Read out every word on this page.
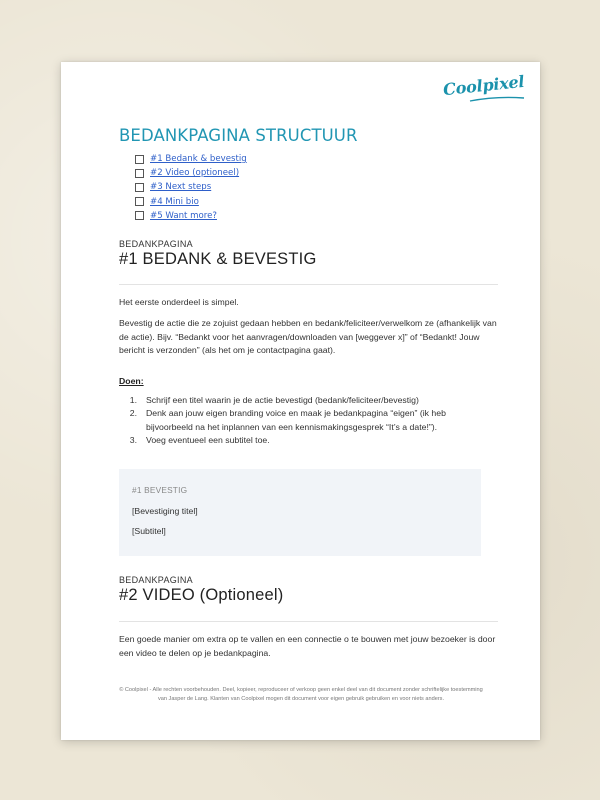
Coolpixel
BEDANKPAGINA STRUCTUUR
#1 Bedank & bevestig
#2 Video (optioneel)
#3 Next steps
#4 Mini bio
#5 Want more?
BEDANKPAGINA
#1 BEDANK & BEVESTIG

Het eerste onderdeel is simpel.

Bevestig de actie die ze zojuist gedaan hebben en bedank/feliciteer/verwelkom ze (afhankelijk van de actie). Bijv. “Bedankt voor het aanvragen/downloaden van [weggever x]” of “Bedankt! Jouw bericht is verzonden” (als het om je contactpagina gaat).

Doen:
1. Schrijf een titel waarin je de actie bevestigd (bedank/feliciteer/bevestig)
2. Denk aan jouw eigen branding voice en maak je bedankpagina “eigen” (ik heb bijvoorbeeld na het inplannen van een kennismakingsgesprek “It’s a date!”).
3. Voeg eventueel een subtitel toe.
#1 BEVESTIG
[Bevestiging titel]
[Subtitel]
BEDANKPAGINA
#2 VIDEO (Optioneel)

Een goede manier om extra op te vallen en een connectie o te bouwen met jouw bezoeker is door een video te delen op je bedankpagina.

© Coolpixel - Alle rechten voorbehouden. Deel, kopieer, reproduceer of verkoop geen enkel deel van dit document zonder schriftelijke toestemming van Jasper de Lang. Klanten van Coolpixel mogen dit document voor eigen gebruik gebruiken en voor niets anders.
